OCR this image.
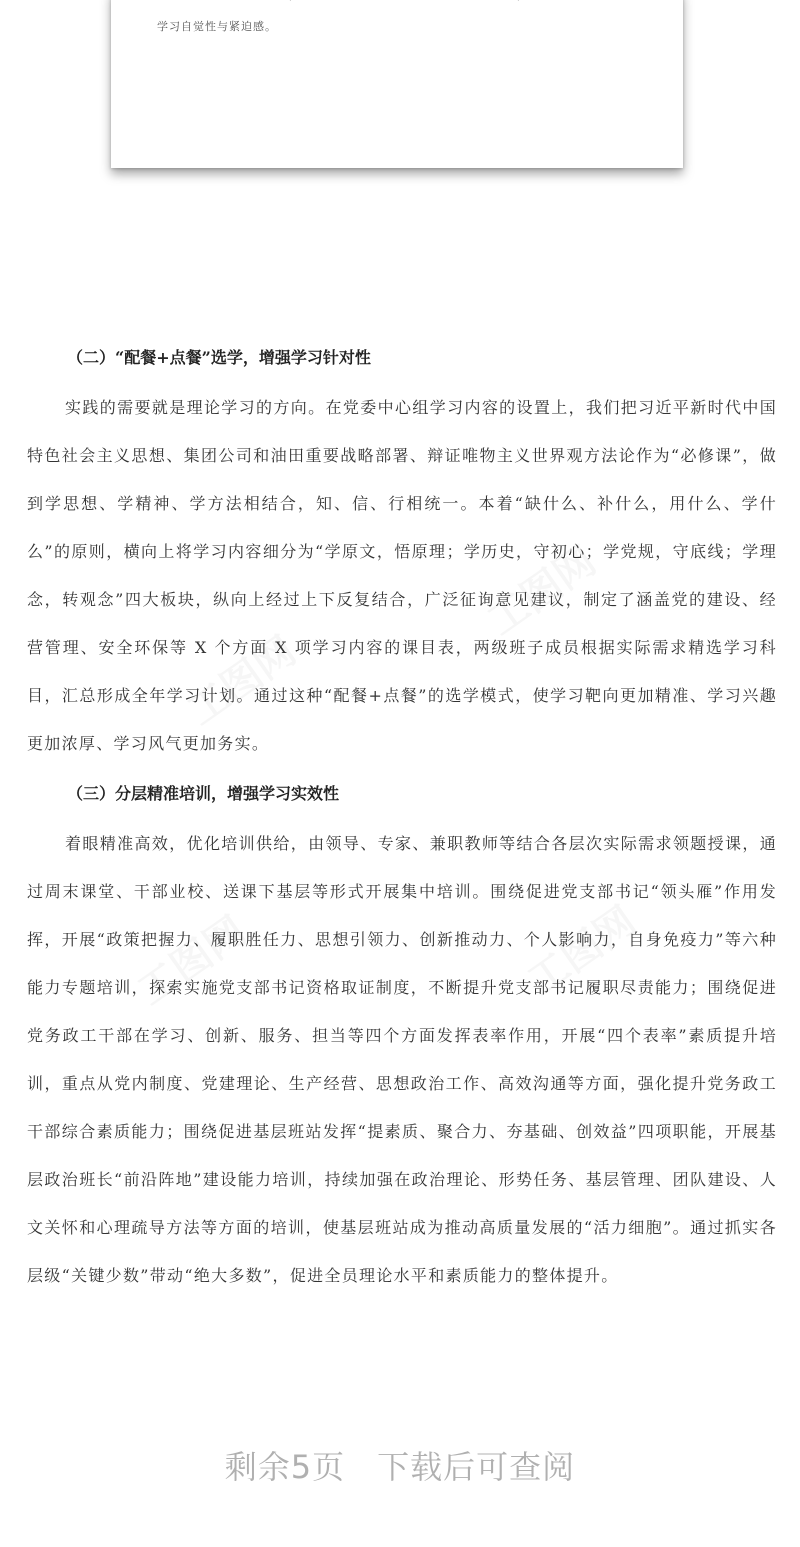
学习自觉性与紧迫感。

（二）“配餐+点餐”选学，增强学习针对性

实践的需要就是理论学习的方向。在党委中心组学习内容的设置上，我们把习近平新时代中国特色社会主义思想、集团公司和油田重要战略部署、辩证唯物主义世界观方法论作为“必修课”，做到学思想、学精神、学方法相结合，知、信、行相统一。本着“缺什么、补什么，用什么、学什么”的原则，横向上将学习内容细分为“学原文，悟原理；学历史，守初心；学党规，守底线；学理念，转观念”四大板块，纵向上经过上下反复结合，广泛征询意见建议，制定了涵盖党的建设、经营管理、安全环保等 X 个方面 X 项学习内容的课目表，两级班子成员根据实际需求精选学习科目，汇总形成全年学习计划。通过这种“配餐+点餐”的选学模式，使学习靶向更加精准、学习兴趣更加浓厚、学习风气更加务实。

（三）分层精准培训，增强学习实效性

着眼精准高效，优化培训供给，由领导、专家、兼职教师等结合各层次实际需求领题授课，通过周末课堂、干部业校、送课下基层等形式开展集中培训。围绕促进党支部书记“领头雁”作用发挥，开展“政策把握力、履职胜任力、思想引领力、创新推动力、个人影响力，自身免疫力”等六种能力专题培训，探索实施党支部书记资格取证制度，不断提升党支部书记履职尽责能力；围绕促进党务政工干部在学习、创新、服务、担当等四个方面发挥表率作用，开展“四个表率”素质提升培训，重点从党内制度、党建理论、生产经营、思想政治工作、高效沟通等方面，强化提升党务政工干部综合素质能力；围绕促进基层班站发挥“提素质、聚合力、夯基础、创效益”四项职能，开展基层政治班长“前沿阵地”建设能力培训，持续加强在政治理论、形势任务、基层管理、团队建设、人文关怀和心理疏导方法等方面的培训，使基层班站成为推动高质量发展的“活力细胞”。通过抓实各层级“关键少数”带动“绝大多数”，促进全员理论水平和素质能力的整体提升。

剩余5页 下载后可查阅
